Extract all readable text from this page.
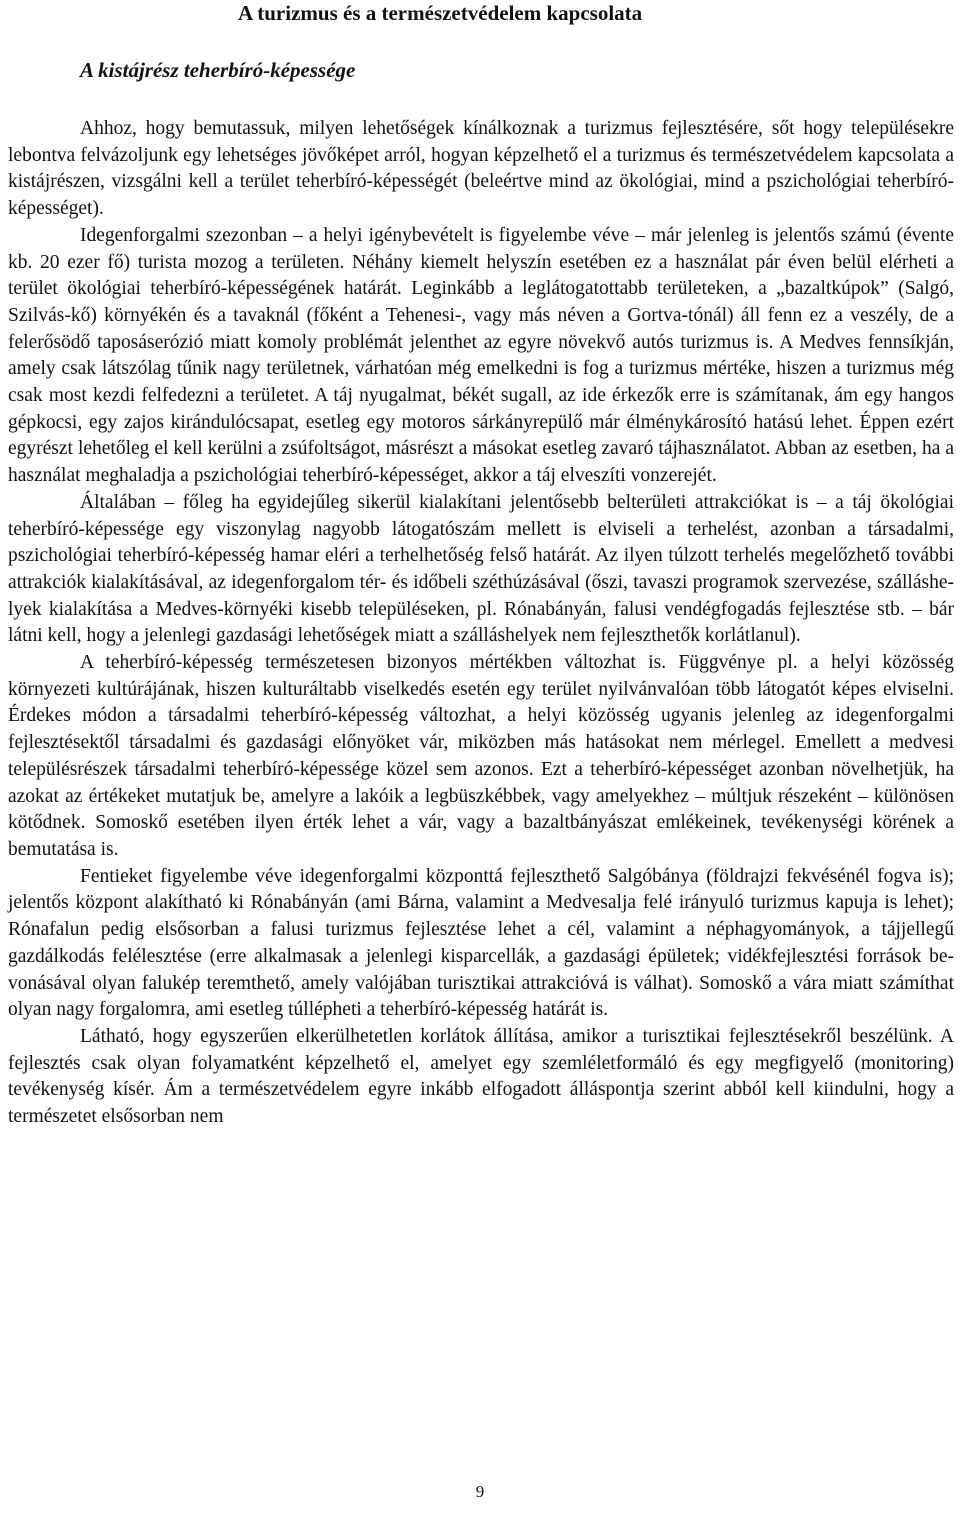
A turizmus és a természetvédelem kapcsolata
A kistájrész teherbíró-képessége

Ahhoz, hogy bemutassuk, milyen lehetőségek kínálkoznak a turizmus fejlesztésére, sőt hogy településekre lebontva felvázoljunk egy lehetséges jövőképet arról, hogyan képzelhető el a turizmus és természetvédelem kapcsolata a kistájrészen, vizsgálni kell a terület teherbíró-képességét (beleértve mind az ökológiai, mind a pszichológiai teherbíró-képességet).

Idegenforgalmi szezonban – a helyi igénybevételt is figyelembe véve – már jelenleg is jelentős számú (évente kb. 20 ezer fő) turista mozog a területen. Néhány kiemelt helyszín esetében ez a használat pár éven belül elérheti a terület ökológiai teherbíró-képességének határát. Leginkább a leglátogatottabb területeken, a „bazaltkúpok” (Salgó, Szilvás-kő) környékén és a tavaknál (főként a Tehenesi-, vagy más néven a Gortva-tónál) áll fenn ez a veszély, de a felerősödő taposáserózió miatt komoly problémát jelenthet az egyre növekvő autós turizmus is. A Medves fennsíkján, amely csak látszólag tűnik nagy területnek, várhatóan még emelkedni is fog a turizmus mértéke, hiszen a turizmus még csak most kezdi felfedezni a területet. A táj nyugalmat, békét sugall, az ide érkezők erre is számítanak, ám egy hangos gépkocsi, egy zajos kirándulócsapat, esetleg egy motoros sárkányrepülő már élménykárosító hatású lehet. Éppen ezért egyrészt lehetőleg el kell kerülni a zsúfoltságot, másrészt a másokat esetleg zavaró tájhasználatot. Abban az esetben, ha a használat meghaladja a pszichológiai teherbíró-képességet, akkor a táj elveszíti vonzerejét.

Általában – főleg ha egyidejűleg sikerül kialakítani jelentősebb belterületi attrakciókat is – a táj ökológiai teherbíró-képessége egy viszonylag nagyobb látogatószám mellett is elviseli a terhelést, azonban a társadalmi, pszichológiai teherbíró-képesség hamar eléri a terhelhetőség felső határát. Az ilyen túlzott terhelés megelőzhető további attrakciók kialakításával, az idegenforgalom tér- és időbeli széthúzásával (őszi, tavaszi programok szervezése, szálláshelyek kialakítása a Medves-környéki kisebb településeken, pl. Rónabányán, falusi vendégfogadás fejlesztése stb. – bár látni kell, hogy a jelenlegi gazdasági lehetőségek miatt a szálláshelyek nem fejleszthetők korlátlanul).

A teherbíró-képesség természetesen bizonyos mértékben változhat is. Függvénye pl. a helyi közösség környezeti kultúrájának, hiszen kulturáltabb viselkedés esetén egy terület nyilvánvalóan több látogatót képes elviselni. Érdekes módon a társadalmi teherbíró-képesség változhat, a helyi közösség ugyanis jelenleg az idegenforgalmi fejlesztésektől társadalmi és gazdasági előnyöket vár, miközben más hatásokat nem mérlegel. Emellett a medvesi településrészek társadalmi teherbíró-képessége közel sem azonos. Ezt a teherbíró-képességet azonban növelhetjük, ha azokat az értékeket mutatjuk be, amelyre a lakóik a legbüszkébbek, vagy amelyekhez – múltjuk részeként – különösen kötődnek. Somoskő esetében ilyen érték lehet a vár, vagy a bazaltbányászat emlékeinek, tevékenységi körének a bemutatása is.

Fentieket figyelembe véve idegenforgalmi központtá fejleszthető Salgóbánya (földrajzi fekvésénél fogva is); jelentős központ alakítható ki Rónabányán (ami Bárna, valamint a Medvesalja felé irányuló turizmus kapuja is lehet); Rónafalun pedig elsősorban a falusi turizmus fejlesztése lehet a cél, valamint a néphagyományok, a tájjellegű gazdálkodás felélesztése (erre alkalmasak a jelenlegi kisparcellák, a gazdasági épületek; vidékfejlesztési források bevonásával olyan falukép teremthető, amely valójában turisztikai attrakcióvá is válhat). Somoskő a vára miatt számíthat olyan nagy forgalomra, ami esetleg túllépheti a teherbíró-képesség határát is.

Látható, hogy egyszerűen elkerülhetetlen korlátok állítása, amikor a turisztikai fejlesztésekről beszélünk. A fejlesztés csak olyan folyamatként képzelhető el, amelyet egy szemléletformáló és egy megfigyelő (monitoring) tevékenység kísér. Ám a természetvédelem egyre inkább elfogadott álláspontja szerint abból kell kiindulni, hogy a természetet elsősorban nem

9
